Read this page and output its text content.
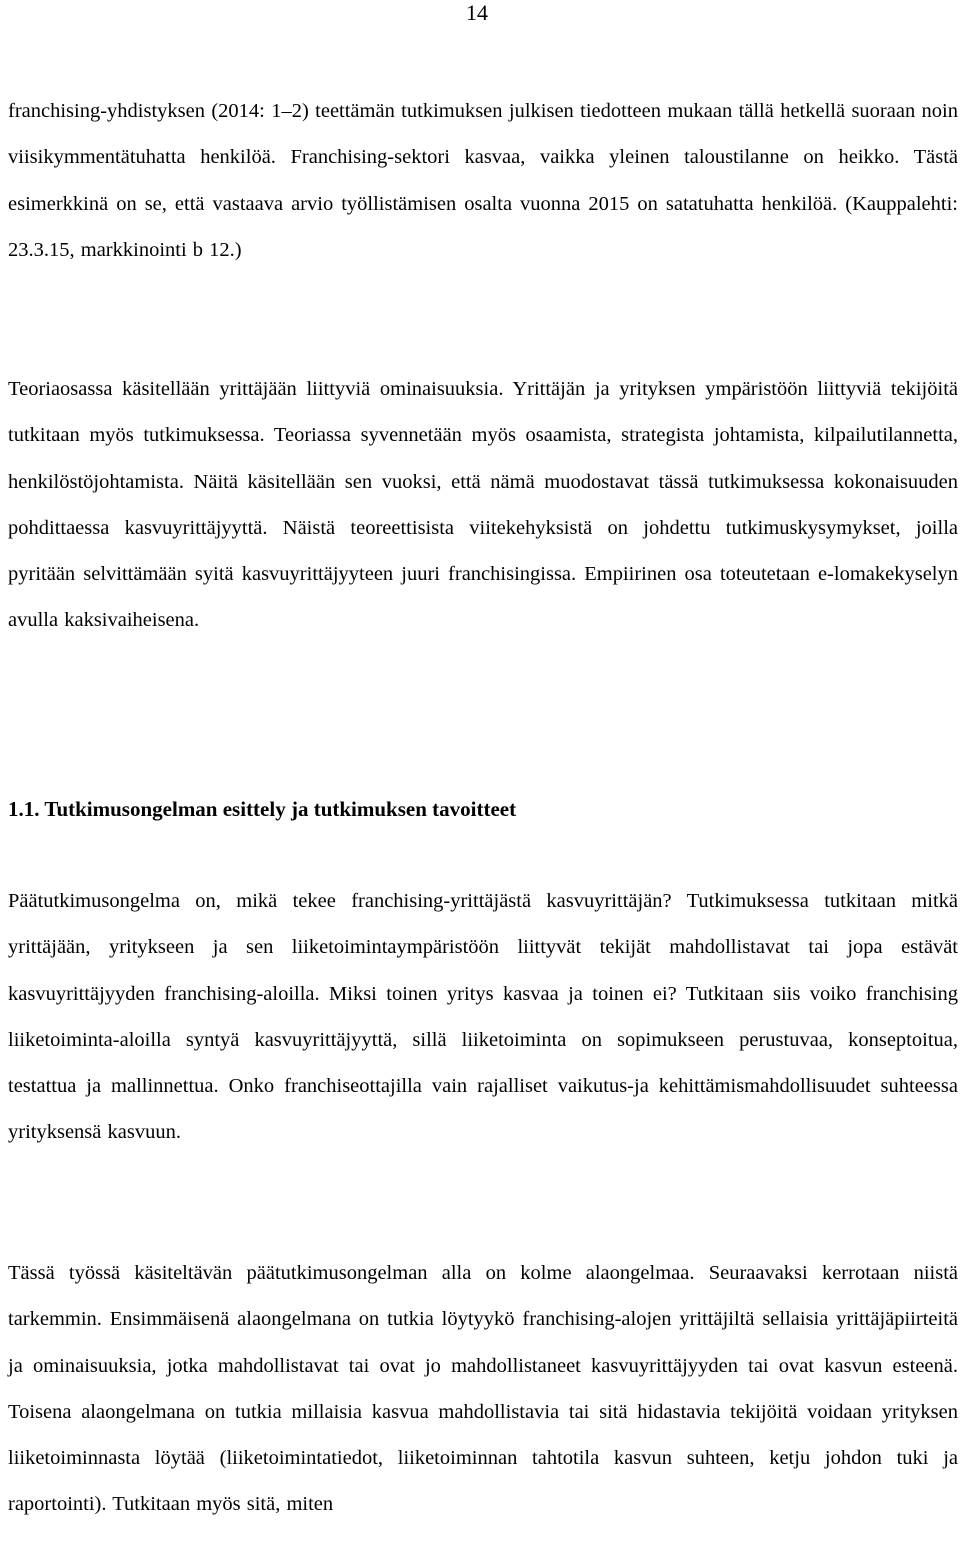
14

franchising-yhdistyksen (2014: 1–2) teettämän tutkimuksen julkisen tiedotteen mukaan tällä hetkellä suoraan noin viisikymmentätuhatta henkilöä. Franchising-sektori kasvaa, vaikka yleinen taloustilanne on heikko. Tästä esimerkkinä on se, että vastaava arvio työllistämisen osalta vuonna 2015 on satatuhatta henkilöä. (Kauppalehti: 23.3.15, markkinointi b 12.)

Teoriaosassa käsitellään yrittäjään liittyviä ominaisuuksia. Yrittäjän ja yrityksen ympäristöön liittyviä tekijöitä tutkitaan myös tutkimuksessa. Teoriassa syvennetään myös osaamista, strategista johtamista, kilpailutilannetta, henkilöstöjohtamista. Näitä käsitellään sen vuoksi, että nämä muodostavat tässä tutkimuksessa kokonaisuuden pohdittaessa kasvuyrittäjyyttä. Näistä teoreettisista viitekehyksistä on johdettu tutkimuskysymykset, joilla pyritään selvittämään syitä kasvuyrittäjyyteen juuri franchisingissa. Empiirinen osa toteutetaan e-lomakekyselyn avulla kaksivaiheisena.

1.1. Tutkimusongelman esittely ja tutkimuksen tavoitteet

Päätutkimusongelma on, mikä tekee franchising-yrittäjästä kasvuyrittäjän? Tutkimuksessa tutkitaan mitkä yrittäjään, yritykseen ja sen liiketoimintaympäristöön liittyvät tekijät mahdollistavat tai jopa estävät kasvuyrittäjyyden franchising-aloilla. Miksi toinen yritys kasvaa ja toinen ei? Tutkitaan siis voiko franchising liiketoiminta-aloilla syntyä kasvuyrittäjyyttä, sillä liiketoiminta on sopimukseen perustuvaa, konseptoitua, testattua ja mallinnettua. Onko franchiseottajilla vain rajalliset vaikutus-ja kehittämismahdollisuudet suhteessa yrityksensä kasvuun.

Tässä työssä käsiteltävän päätutkimusongelman alla on kolme alaongelmaa. Seuraavaksi kerrotaan niistä tarkemmin. Ensimmäisenä alaongelmana on tutkia löytyykö franchising-alojen yrittäjiltä sellaisia yrittäjäpiirteitä ja ominaisuuksia, jotka mahdollistavat tai ovat jo mahdollistaneet kasvuyrittäjyyden tai ovat kasvun esteenä. Toisena alaongelmana on tutkia millaisia kasvua mahdollistavia tai sitä hidastavia tekijöitä voidaan yrityksen liiketoiminnasta löytää (liiketoimintatiedot, liiketoiminnan tahtotila kasvun suhteen, ketju johdon tuki ja raportointi). Tutkitaan myös sitä, miten
